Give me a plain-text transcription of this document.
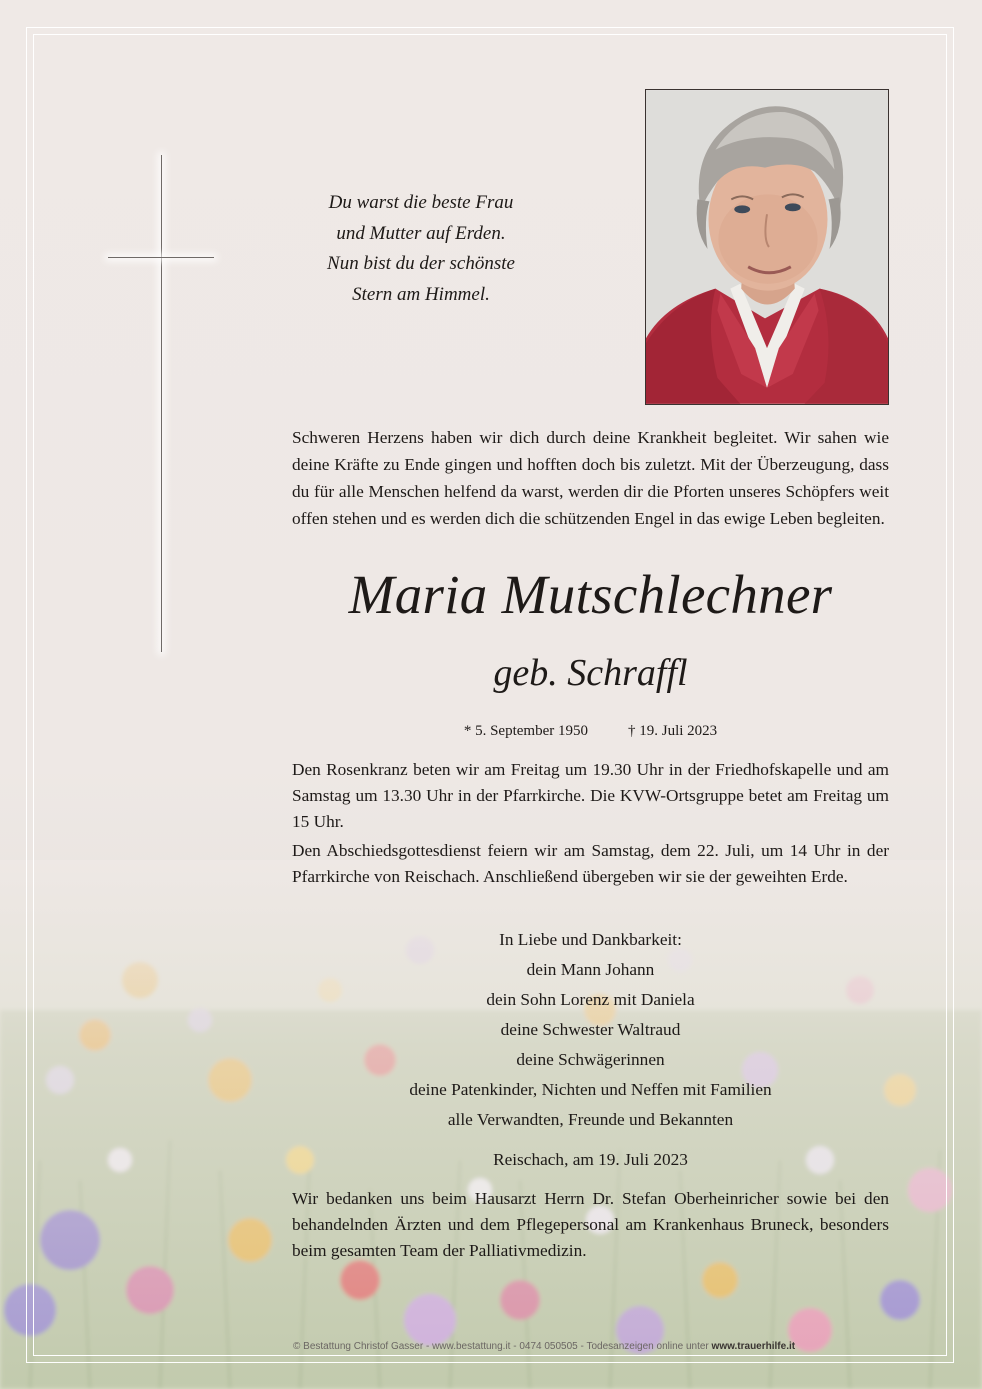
Du warst die beste Frau
und Mutter auf Erden.
Nun bist du der schönste
Stern am Himmel.
Schweren Herzens haben wir dich durch deine Krankheit begleitet. Wir sahen wie deine Kräfte zu Ende gingen und hofften doch bis zuletzt. Mit der Überzeugung, dass du für alle Menschen helfend da warst, werden dir die Pforten unseres Schöpfers weit offen stehen und es werden dich die schützenden Engel in das ewige Leben begleiten.
Maria Mutschlechner
geb. Schraffl
* 5. September 1950	† 19. Juli 2023
Den Rosenkranz beten wir am Freitag um 19.30 Uhr in der Friedhofskapelle und am Samstag um 13.30 Uhr in der Pfarrkirche. Die KVW-Ortsgruppe betet am Freitag um 15 Uhr.
Den Abschiedsgottesdienst feiern wir am Samstag, dem 22. Juli, um 14 Uhr in der Pfarrkirche von Reischach. Anschließend übergeben wir sie der geweihten Erde.
In Liebe und Dankbarkeit:
dein Mann Johann
dein Sohn Lorenz mit Daniela
deine Schwester Waltraud
deine Schwägerinnen
deine Patenkinder, Nichten und Neffen mit Familien
alle Verwandten, Freunde und Bekannten
Reischach, am 19. Juli 2023
Wir bedanken uns beim Hausarzt Herrn Dr. Stefan Oberheinricher sowie bei den behandelnden Ärzten und dem Pflegepersonal am Krankenhaus Bruneck, besonders beim gesamten Team der Palliativmedizin.
© Bestattung Christof Gasser - www.bestattung.it - 0474 050505 - Todesanzeigen online unter www.trauerhilfe.it
